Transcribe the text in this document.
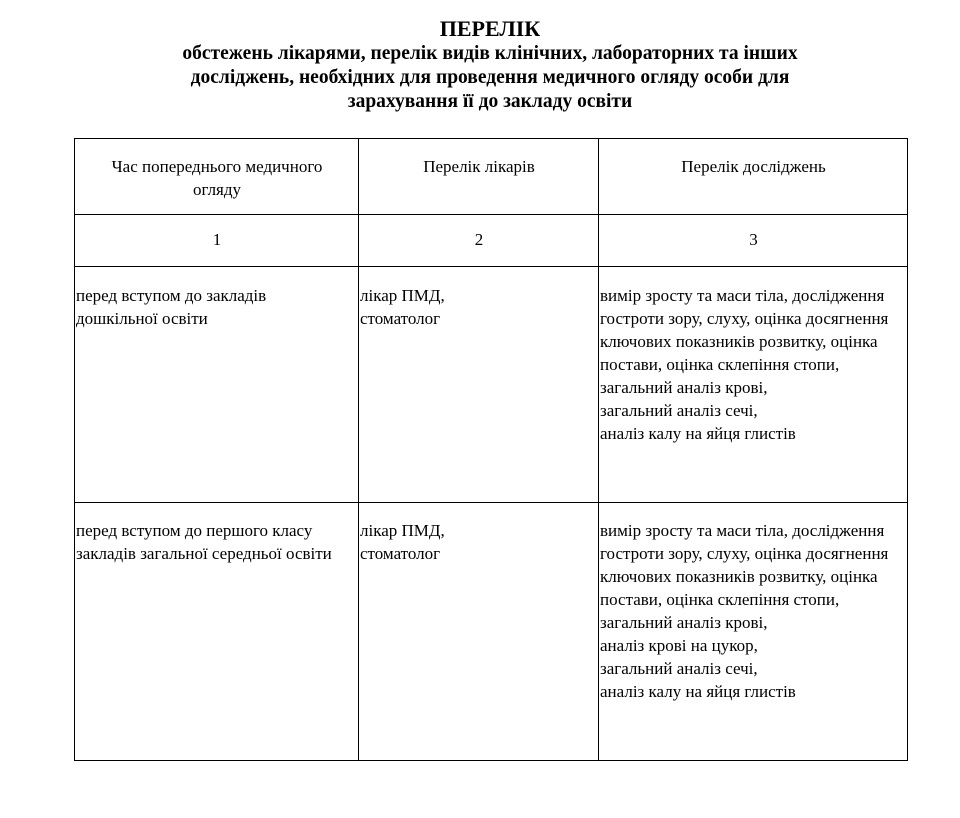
ПЕРЕЛІК
обстежень лікарями, перелік видів клінічних, лабораторних та інших
досліджень, необхідних для проведення медичного огляду особи для
зарахування її до закладу освіти
Час попереднього медичного огляду	Перелік лікарів	Перелік досліджень
1	2	3
перед вступом до закладів дошкільної освіти	лікар ПМД, стоматолог	вимір зросту та маси тіла, дослідження гостроти зору, слуху, оцінка досягнення ключових показників розвитку, оцінка постави, оцінка склепіння стопи,
загальний аналіз крові,
загальний аналіз сечі,
аналіз калу на яйця глистів
перед вступом до першого класу закладів загальної середньої освіти	лікар ПМД, стоматолог	вимір зросту та маси тіла, дослідження гостроти зору, слуху, оцінка досягнення ключових показників розвитку, оцінка постави, оцінка склепіння стопи,
загальний аналіз крові,
аналіз крові на цукор,
загальний аналіз сечі,
аналіз калу на яйця глистів
